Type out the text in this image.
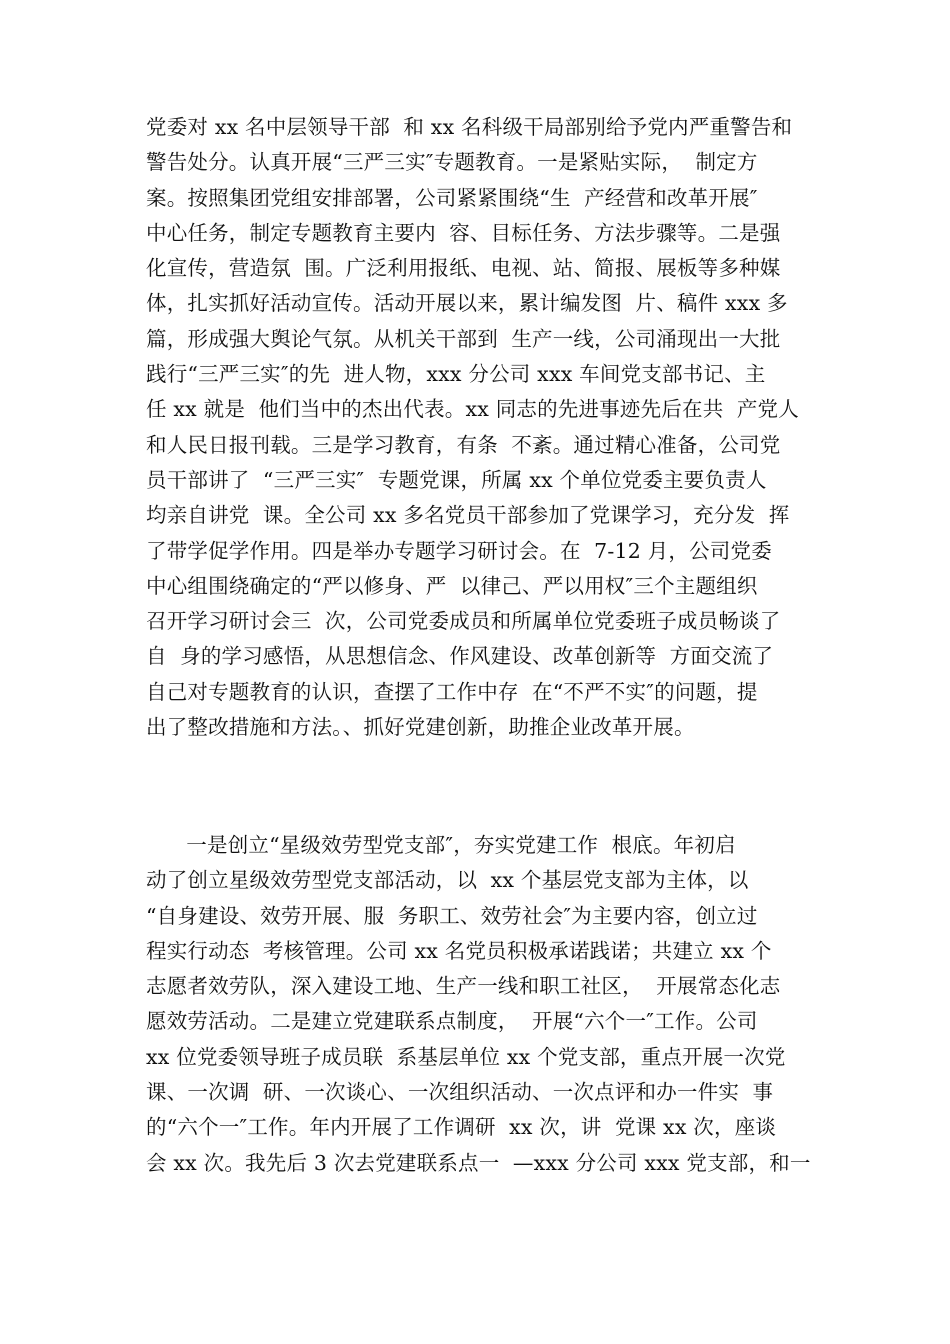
党委对 xx 名中层领导干部  和 xx 名科级干局部别给予党内严重警告和
警告处分。认真开展“三严三实″专题教育。一是紧贴实际，  制定方
案。按照集团党组安排部署，公司紧紧围绕“生  产经营和改革开展″
中心任务，制定专题教育主要内  容、目标任务、方法步骤等。二是强
化宣传，营造氛  围。广泛利用报纸、电视、站、简报、展板等多种媒
体，扎实抓好活动宣传。活动开展以来，累计编发图  片、稿件 xxx 多
篇，形成强大舆论气氛。从机关干部到  生产一线，公司涌现出一大批
践行“三严三实″的先  进人物，xxx 分公司 xxx 车间党支部书记、主
任 xx 就是  他们当中的杰出代表。xx 同志的先进事迹先后在共  产党人
和人民日报刊载。三是学习教育，有条  不紊。通过精心准备，公司党
员干部讲了  “三严三实″  专题党课，所属 xx 个单位党委主要负责人
均亲自讲党  课。全公司 xx 多名党员干部参加了党课学习，充分发  挥
了带学促学作用。四是举办专题学习研讨会。在  7-12 月，公司党委
中心组围绕确定的“严以修身、严  以律己、严以用权″三个主题组织
召开学习研讨会三  次，公司党委成员和所属单位党委班子成员畅谈了
自  身的学习感悟，从思想信念、作风建设、改革创新等  方面交流了
自己对专题教育的认识，查摆了工作中存  在“不严不实″的问题，提
出了整改措施和方法。、抓好党建创新，助推企业改革开展。
一是创立“星级效劳型党支部″，夯实党建工作  根底。年初启
动了创立星级效劳型党支部活动，以  xx 个基层党支部为主体，以
“自身建设、效劳开展、服  务职工、效劳社会″为主要内容，创立过
程实行动态  考核管理。公司 xx 名党员积极承诺践诺；共建立 xx 个
志愿者效劳队，深入建设工地、生产一线和职工社区，  开展常态化志
愿效劳活动。二是建立党建联系点制度，  开展“六个一″工作。公司
xx 位党委领导班子成员联  系基层单位 xx 个党支部，重点开展一次党
课、一次调  研、一次谈心、一次组织活动、一次点评和办一件实  事
的“六个一″工作。年内开展了工作调研  xx 次，讲  党课 xx 次，座谈
会 xx 次。我先后 3 次去党建联系点一  —xxx 分公司 xxx 党支部，和一
